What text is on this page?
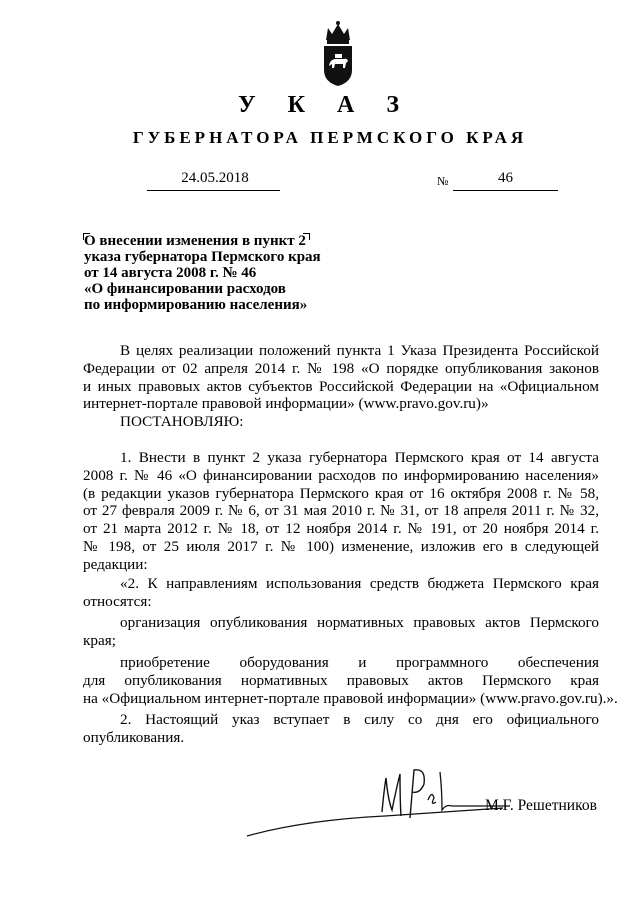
У К А З
ГУБЕРНАТОРА ПЕРМСКОГО КРАЯ
24.05.2018	№	46
О внесении изменения в пункт 2
указа губернатора Пермского края
от 14 августа 2008 г. № 46
«О финансировании расходов
по информированию населения»
В целях реализации положений пункта 1 Указа Президента Российской
Федерации от 02 апреля 2014 г. № 198 «О порядке опубликования законов
и иных правовых актов субъектов Российской Федерации на «Официальном
интернет-портале правовой информации» (www.pravo.gov.ru)»
ПОСТАНОВЛЯЮ:
1. Внести в пункт 2 указа губернатора Пермского края от 14 августа
2008 г. № 46 «О финансировании расходов по информированию населения»
(в редакции указов губернатора Пермского края от 16 октября 2008 г. № 58,
от 27 февраля 2009 г. № 6, от 31 мая 2010 г. № 31, от 18 апреля 2011 г. № 32,
от 21 марта 2012 г. № 18, от 12 ноября 2014 г. № 191, от 20 ноября 2014 г.
№ 198, от 25 июля 2017 г. № 100) изменение, изложив его в следующей
редакции:
«2. К направлениям использования средств бюджета Пермского края
относятся:
организация опубликования нормативных правовых актов Пермского
края;
приобретение оборудования и программного обеспечения
для опубликования нормативных правовых актов Пермского края
на «Официальном интернет-портале правовой информации» (www.pravo.gov.ru).».
2. Настоящий указ вступает в силу со дня его официального
опубликования.
М.Г. Решетников
